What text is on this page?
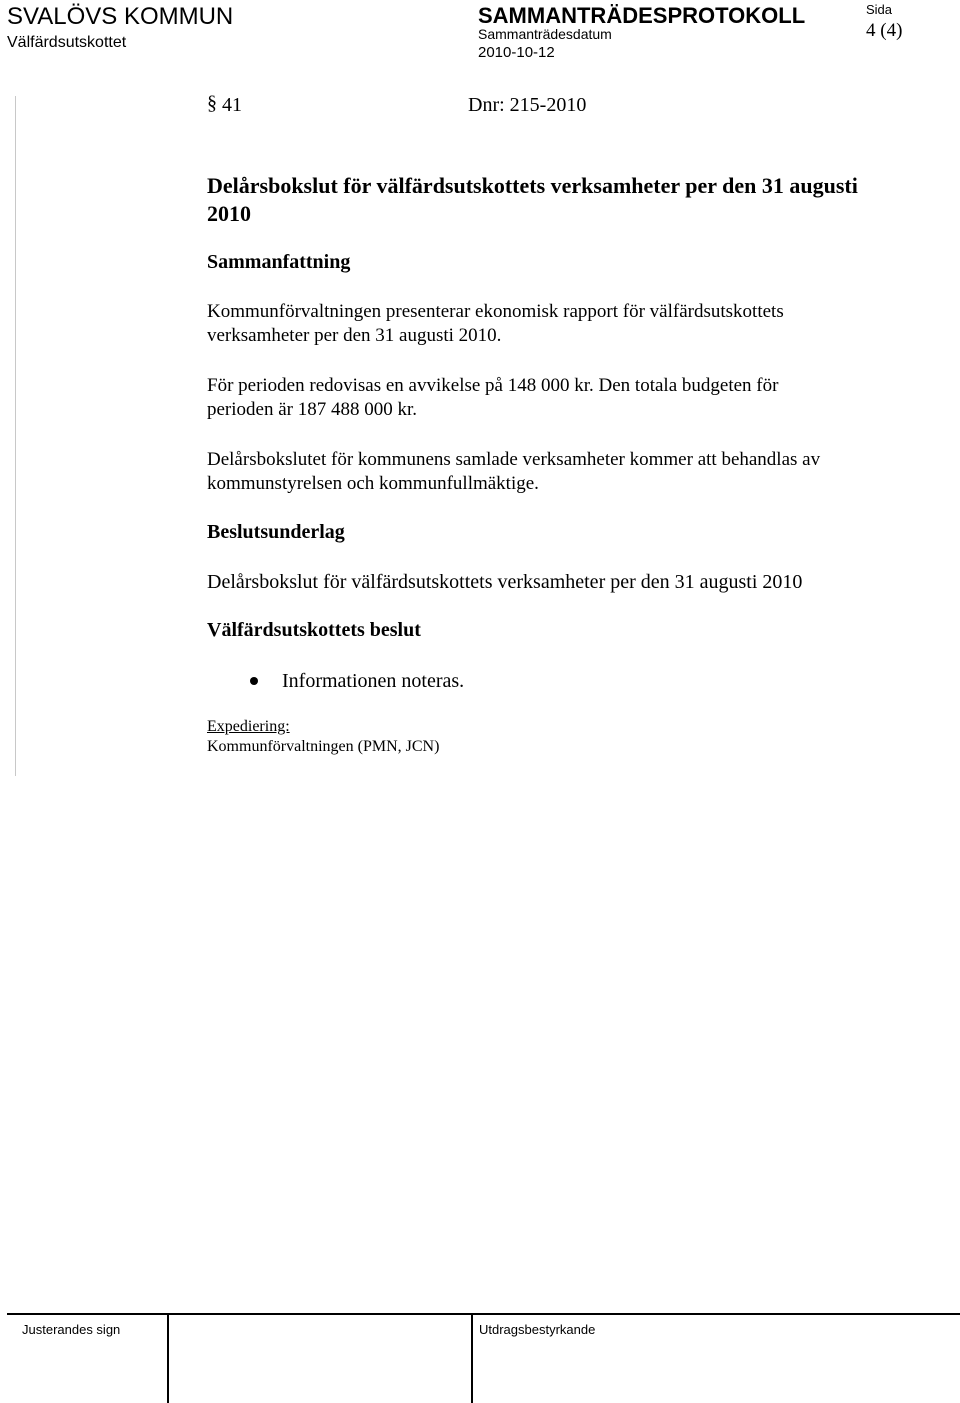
SVALÖVS KOMMUN
Välfärdsutskottet
SAMMANTRÄDESPROTOKOLL
Sammanträdesdatum
2010-10-12
Sida
4 (4)
§ 41	Dnr: 215-2010
Delårsbokslut för välfärdsutskottets verksamheter per den 31 augusti 2010
Sammanfattning
Kommunförvaltningen presenterar ekonomisk rapport för välfärdsutskottets
verksamheter per den 31 augusti 2010.
För perioden redovisas en avvikelse på 148 000 kr. Den totala budgeten för
perioden är 187 488 000 kr.
Delårsbokslutet för kommunens samlade verksamheter kommer att behandlas av
kommunstyrelsen och kommunfullmäktige.
Beslutsunderlag
Delårsbokslut för välfärdsutskottets verksamheter per den 31 augusti 2010
Välfärdsutskottets beslut
Informationen noteras.
Expediering:
Kommunförvaltningen (PMN, JCN)
Justerandes sign	Utdragsbestyrkande
